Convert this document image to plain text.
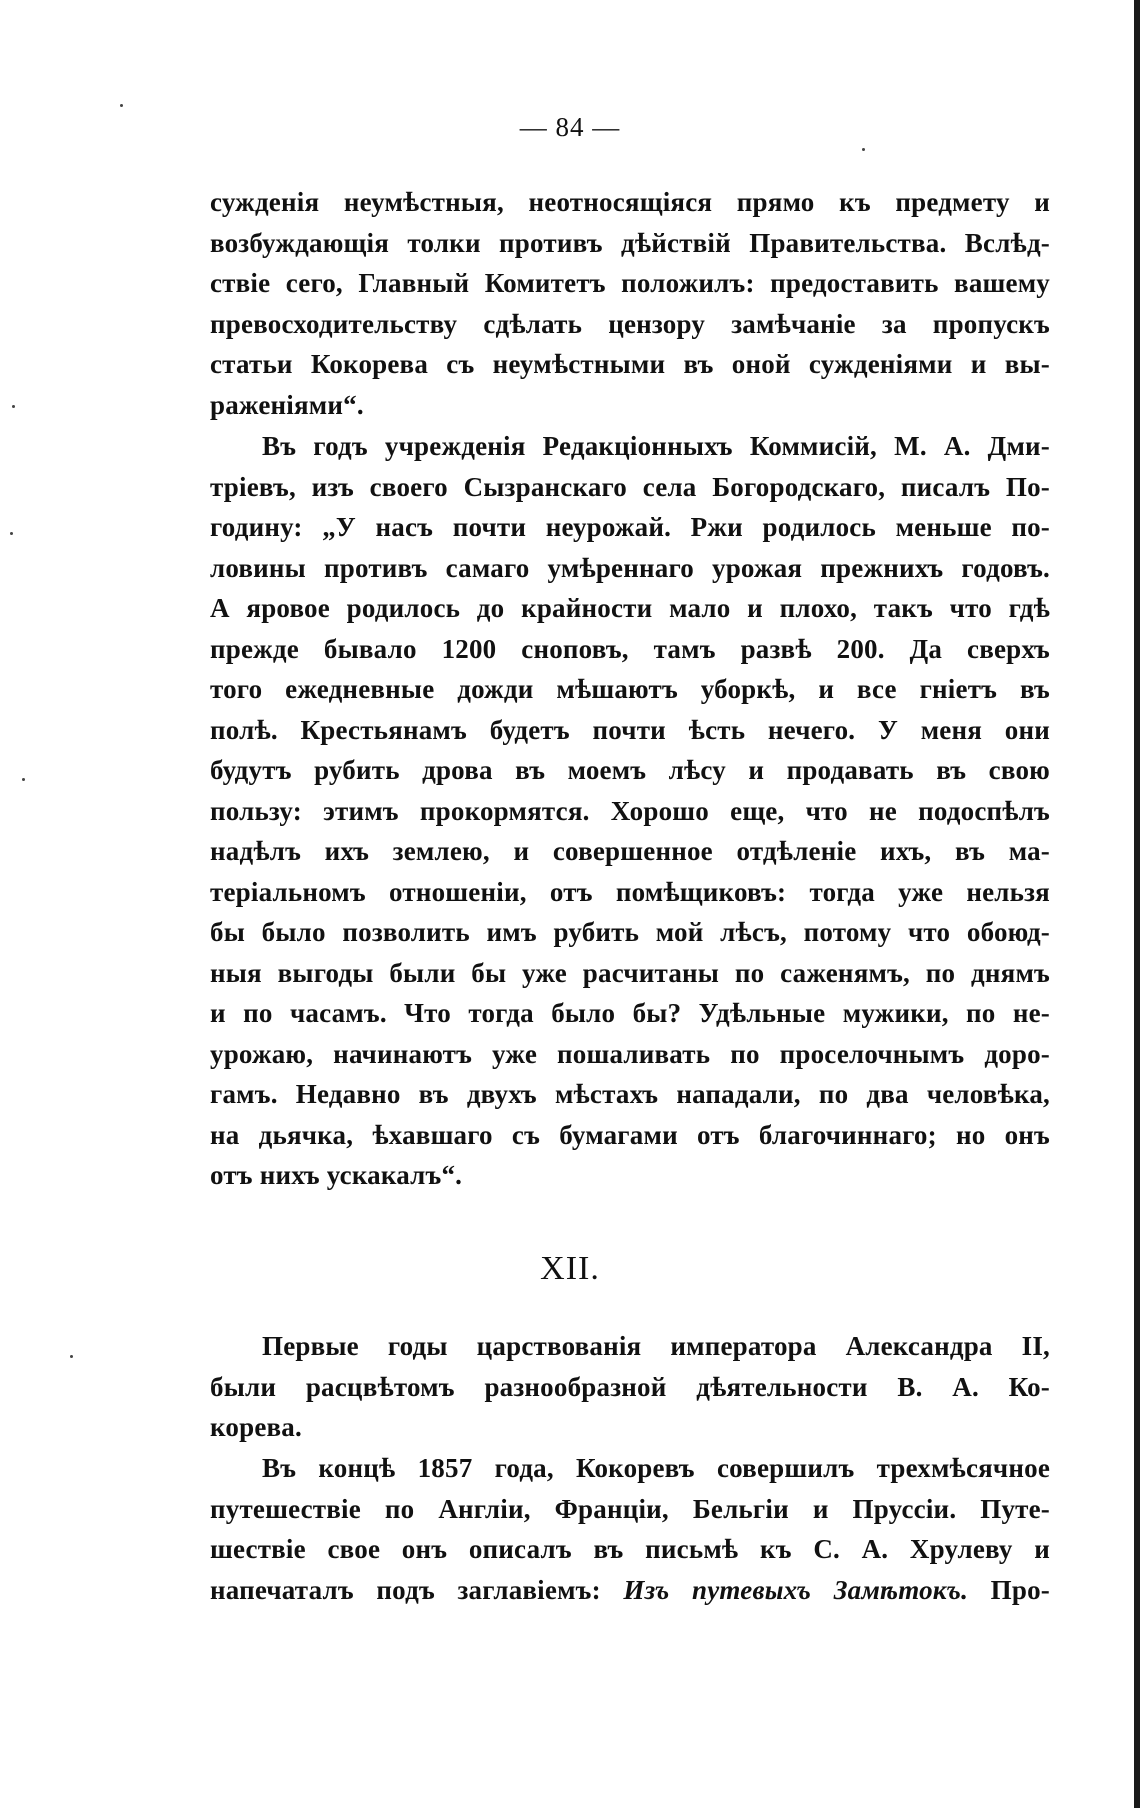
— 84 —
сужденія неумѣстныя, неотносящіяся прямо къ предмету и
возбуждающія толки противъ дѣйствій Правительства. Вслѣд-
ствіе сего, Главный Комитетъ положилъ: предоставить вашему
превосходительству сдѣлать цензору замѣчаніе за пропускъ
статьи Кокорева съ неумѣстными въ оной сужденіями и вы-
раженіями“.
Въ годъ учрежденія Редакціонныхъ Коммисій, М. А. Дми-
тріевъ, изъ своего Сызранскаго села Богородскаго, писалъ По-
годину: „У насъ почти неурожай. Ржи родилось меньше по-
ловины противъ самаго умѣреннаго урожая прежнихъ годовъ.
А яровое родилось до крайности мало и плохо, такъ что гдѣ
прежде бывало 1200 сноповъ, тамъ развѣ 200. Да сверхъ
того ежедневные дожди мѣшаютъ уборкѣ, и все гніетъ въ
полѣ. Крестьянамъ будетъ почти ѣсть нечего. У меня они
будутъ рубить дрова въ моемъ лѣсу и продавать въ свою
пользу: этимъ прокормятся. Хорошо еще, что не подоспѣлъ
надѣлъ ихъ землею, и совершенное отдѣленіе ихъ, въ ма-
теріальномъ отношеніи, отъ помѣщиковъ: тогда уже нельзя
бы было позволить имъ рубить мой лѣсъ, потому что обоюд-
ныя выгоды были бы уже расчитаны по саженямъ, по днямъ
и по часамъ. Что тогда было бы? Удѣльные мужики, по не-
урожаю, начинаютъ уже пошаливать по проселочнымъ доро-
гамъ. Недавно въ двухъ мѣстахъ нападали, по два человѣка,
на дьячка, ѣхавшаго съ бумагами отъ благочиннаго; но онъ
отъ нихъ ускакалъ“.
XII.
Первые годы царствованія императора Александра II,
были расцвѣтомъ разнообразной дѣятельности В. А. Ко-
корева.
Въ концѣ 1857 года, Кокоревъ совершилъ трехмѣсячное
путешествіе по Англіи, Франціи, Бельгіи и Пруссіи. Путе-
шествіе свое онъ описалъ въ письмѣ къ С. А. Хрулеву и
напечаталъ подъ заглавіемъ: Изъ путевыхъ Замѣтокъ. Про-
